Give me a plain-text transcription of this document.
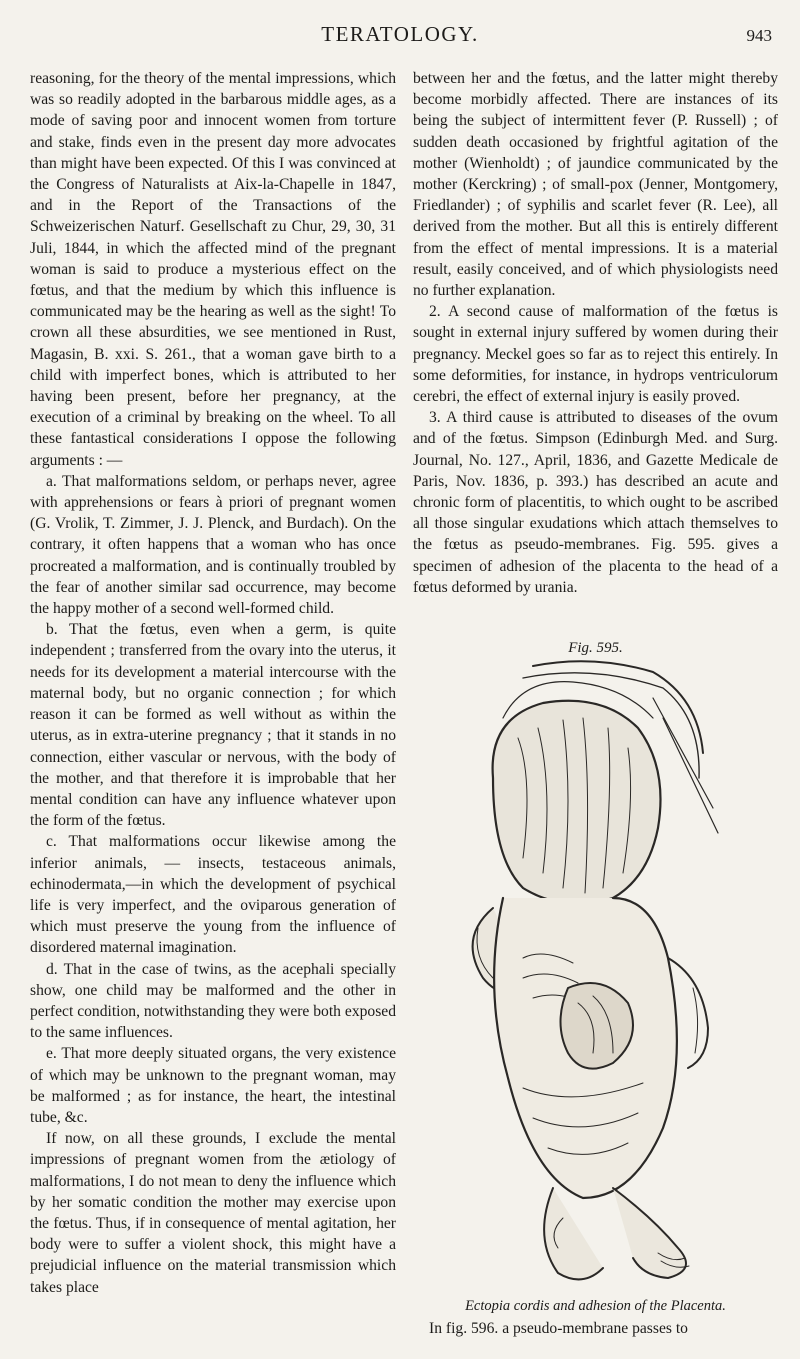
TERATOLOGY.	943

reasoning, for the theory of the mental impressions, which was so readily adopted in the barbarous middle ages, as a mode of saving poor and innocent women from torture and stake, finds even in the present day more advocates than might have been expected. Of this I was convinced at the Congress of Naturalists at Aix-la-Chapelle in 1847, and in the Report of the Transactions of the Schweizerischen Naturf. Gesellschaft zu Chur, 29, 30, 31 Juli, 1844, in which the affected mind of the pregnant woman is said to produce a mysterious effect on the fœtus, and that the medium by which this influence is communicated may be the hearing as well as the sight! To crown all these absurdities, we see mentioned in Rust, Magasin, B. xxi. S. 261., that a woman gave birth to a child with imperfect bones, which is attributed to her having been present, before her pregnancy, at the execution of a criminal by breaking on the wheel. To all these fantastical considerations I oppose the following arguments : —

a. That malformations seldom, or perhaps never, agree with apprehensions or fears à priori of pregnant women (G. Vrolik, T. Zimmer, J. J. Plenck, and Burdach). On the contrary, it often happens that a woman who has once procreated a malformation, and is continually troubled by the fear of another similar sad occurrence, may become the happy mother of a second well-formed child.

b. That the fœtus, even when a germ, is quite independent ; transferred from the ovary into the uterus, it needs for its development a material intercourse with the maternal body, but no organic connection ; for which reason it can be formed as well without as within the uterus, as in extra-uterine pregnancy ; that it stands in no connection, either vascular or nervous, with the body of the mother, and that therefore it is improbable that her mental condition can have any influence whatever upon the form of the fœtus.

c. That malformations occur likewise among the inferior animals, — insects, testaceous animals, echinodermata,—in which the development of psychical life is very imperfect, and the oviparous generation of which must preserve the young from the influence of disordered maternal imagination.

d. That in the case of twins, as the acephali specially show, one child may be malformed and the other in perfect condition, notwithstanding they were both exposed to the same influences.

e. That more deeply situated organs, the very existence of which may be unknown to the pregnant woman, may be malformed ; as for instance, the heart, the intestinal tube, &c.

If now, on all these grounds, I exclude the mental impressions of pregnant women from the ætiology of malformations, I do not mean to deny the influence which by her somatic condition the mother may exercise upon the fœtus. Thus, if in consequence of mental agitation, her body were to suffer a violent shock, this might have a prejudicial influence on the material transmission which takes place

between her and the fœtus, and the latter might thereby become morbidly affected. There are instances of its being the subject of intermittent fever (P. Russell) ; of sudden death occasioned by frightful agitation of the mother (Wienholdt) ; of jaundice communicated by the mother (Kerckring) ; of small-pox (Jenner, Montgomery, Friedlander) ; of syphilis and scarlet fever (R. Lee), all derived from the mother. But all this is entirely different from the effect of mental impressions. It is a material result, easily conceived, and of which physiologists need no further explanation.

2. A second cause of malformation of the fœtus is sought in external injury suffered by women during their pregnancy. Meckel goes so far as to reject this entirely. In some deformities, for instance, in hydrops ventriculorum cerebri, the effect of external injury is easily proved.

3. A third cause is attributed to diseases of the ovum and of the fœtus. Simpson (Edinburgh Med. and Surg. Journal, No. 127., April, 1836, and Gazette Medicale de Paris, Nov. 1836, p. 393.) has described an acute and chronic form of placentitis, to which ought to be ascribed all those singular exudations which attach themselves to the fœtus as pseudo-membranes. Fig. 595. gives a specimen of adhesion of the placenta to the head of a fœtus deformed by urania.

Fig. 595.
Ectopia cordis and adhesion of the Placenta.
In fig. 596. a pseudo-membrane passes to
